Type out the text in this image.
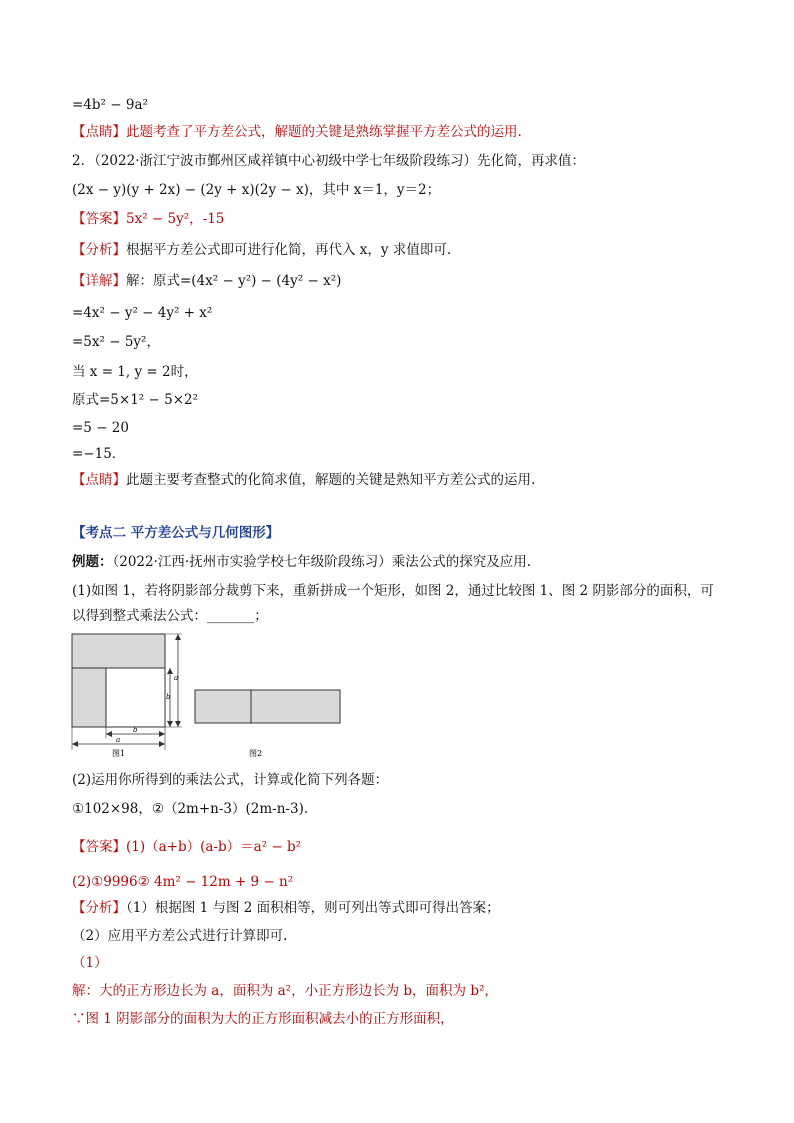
=4b² − 9a²
【点睛】此题考查了平方差公式，解题的关键是熟练掌握平方差公式的运用.
2．（2022·浙江宁波市鄞州区咸祥镇中心初级中学七年级阶段练习）先化简，再求值：
(2x − y)(y + 2x) − (2y + x)(2y − x)，其中 x＝1，y＝2；
【答案】5x² − 5y²，-15
【分析】根据平方差公式即可进行化简，再代入 x，y 求值即可.
【详解】解：原式=(4x² − y²) − (4y² − x²)
=4x² − y² − 4y² + x²
=5x² − 5y²，
当 x = 1, y = 2时，
原式=5×1² − 5×2²
=5 − 20
=−15．
【点睛】此题主要考查整式的化简求值，解题的关键是熟知平方差公式的运用.
【考点二 平方差公式与几何图形】
例题：（2022·江西·抚州市实验学校七年级阶段练习）乘法公式的探究及应用.
(1)如图 1，若将阴影部分裁剪下来，重新拼成一个矩形，如图 2，通过比较图 1、图 2 阴影部分的面积，可
以得到整式乘法公式：_______；
a
b
b
a
图1	图2
(2)运用你所得到的乘法公式，计算或化简下列各题：
①102×98，②（2m+n-3）(2m-n-3).
【答案】(1)（a+b）(a-b）＝a² − b²
(2)①9996② 4m² − 12m + 9 − n²
【分析】（1）根据图 1 与图 2 面积相等，则可列出等式即可得出答案；
（2）应用平方差公式进行计算即可.
（1）
解：大的正方形边长为 a，面积为 a²，小正方形边长为 b，面积为 b²，
∵图 1 阴影部分的面积为大的正方形面积减去小的正方形面积，
